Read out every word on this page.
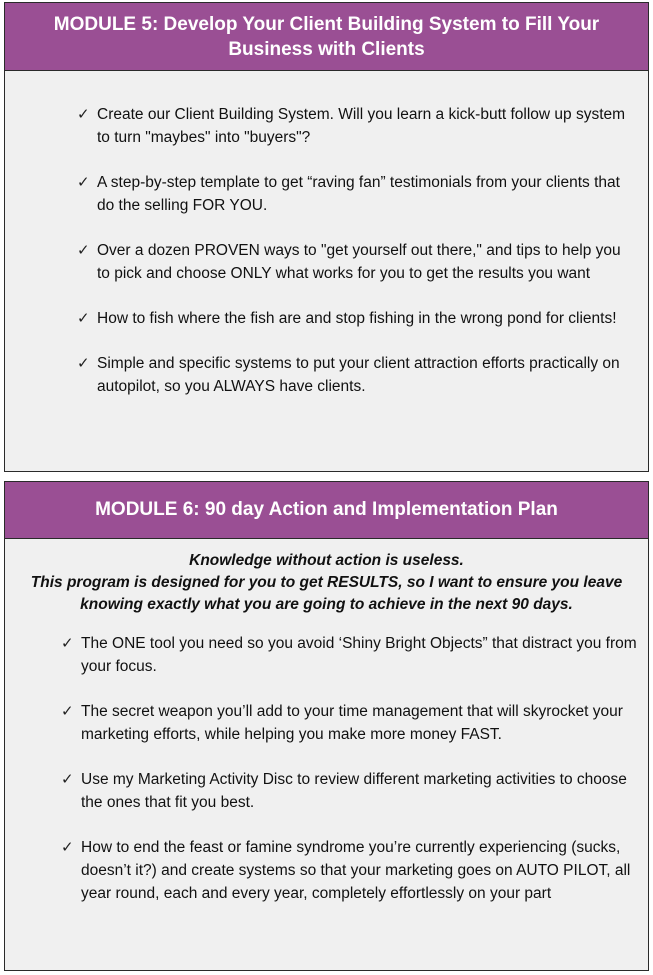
MODULE 5: Develop Your Client Building System to Fill Your Business with Clients
✓ Create our Client Building System. Will you learn a kick-butt follow up system to turn "maybes" into "buyers"?
✓ A step-by-step template to get “raving fan” testimonials from your clients that do the selling FOR YOU.
✓ Over a dozen PROVEN ways to "get yourself out there," and tips to help you to pick and choose ONLY what works for you to get the results you want
✓ How to fish where the fish are and stop fishing in the wrong pond for clients!
✓ Simple and specific systems to put your client attraction efforts practically on autopilot, so you ALWAYS have clients.
MODULE 6: 90 day Action and Implementation Plan
Knowledge without action is useless.
This program is designed for you to get RESULTS, so I want to ensure you leave knowing exactly what you are going to achieve in the next 90 days.
✓ The ONE tool you need so you avoid ‘Shiny Bright Objects” that distract you from your focus.
✓ The secret weapon you’ll add to your time management that will skyrocket your marketing efforts, while helping you make more money FAST.
✓ Use my Marketing Activity Disc to review different marketing activities to choose the ones that fit you best.
✓ How to end the feast or famine syndrome you’re currently experiencing (sucks, doesn’t it?) and create systems so that your marketing goes on AUTO PILOT, all year round, each and every year, completely effortlessly on your part
